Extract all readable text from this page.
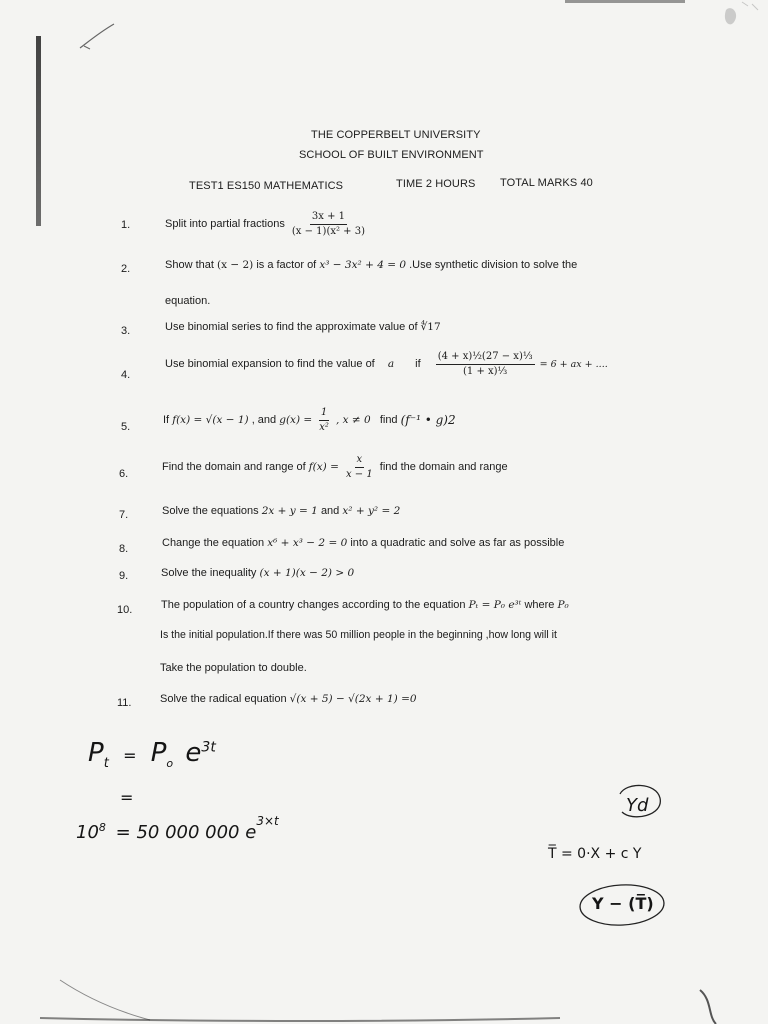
THE COPPERBELT UNIVERSITY
SCHOOL OF BUILT ENVIRONMENT
TEST1 ES150 MATHEMATICS	TIME 2 HOURS TOTAL MARKS 40
1.	Split into partial fractions $\frac{3x + 1}{\text{(x − 1)(x² + 3)}}$
2.	Show that (x − 2) is a factor of x³ − 3x² + 4 = 0 .Use synthetic division to solve the
equation.
3.	Use binomial series to find the approximate value of ∜17
4.
Use binomial expansion to find the value of a if $\frac{\text{(4 + x)½(27 − x)⅓}}{\text{(1 + x)⅓}} = 6$ + ax + ....
5.
If f(x) = √(x − 1) , and $g(x) = \frac{1}{\text{x²}}$ , x ≠ 0 find (f⁻¹ • g)2
6.
Find the domain and range of $f(x) = \frac{x}{x - 1}$ find the domain and range
7.	Solve the equations 2x + y = 1 and x² + y² = 2
8.	Change the equation x⁶ + x³ − 2 = 0 into a quadratic and solve as far as possible
9.	Solve the inequality (x + 1)(x − 2) > 0
10.	The population of a country changes according to the equation Pₜ = P₀ e³ᵗ where P₀
Is the initial population.If there was 50 million people in the beginning ,how long will it
Take the population to double.
11.	Solve the radical equation √(x + 5) − √(2x + 1) =0
$P_t = P_o$ $e^{3t}$
=
$10^8 = 50$ 000 000 $e^{3\times t}$
Yd
T̅ = 0·X + c Y
Y − (T̅)
